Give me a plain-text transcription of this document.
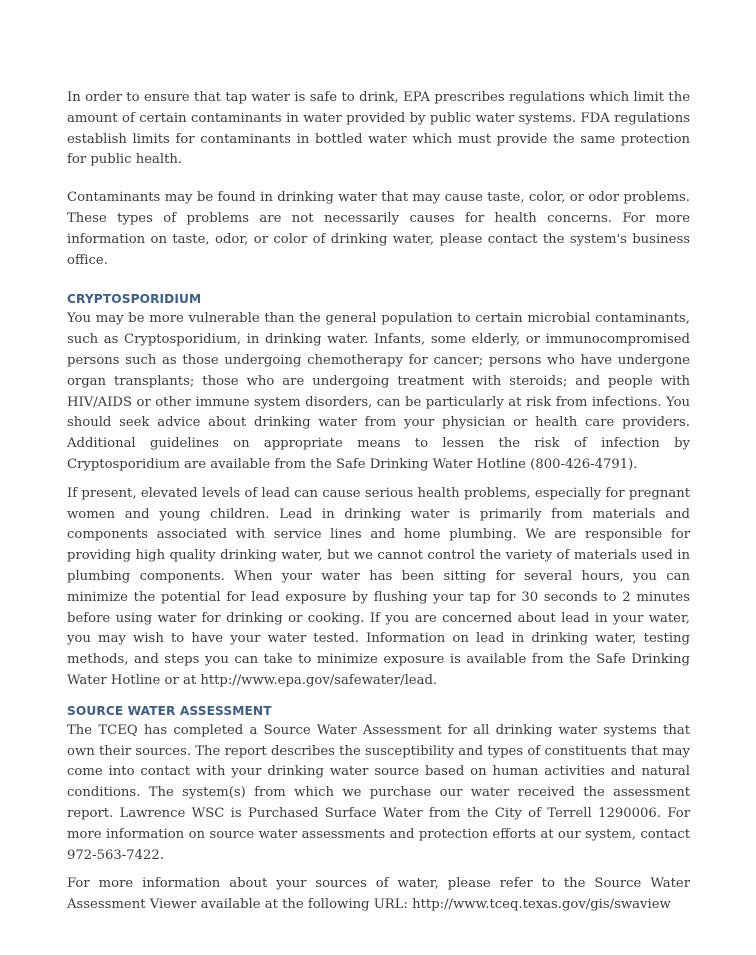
In order to ensure that tap water is safe to drink, EPA prescribes regulations which limit the amount of certain contaminants in water provided by public water systems. FDA regulations establish limits for contaminants in bottled water which must provide the same protection for public health.

Contaminants may be found in drinking water that may cause taste, color, or odor problems. These types of problems are not necessarily causes for health concerns. For more information on taste, odor, or color of drinking water, please contact the system's business office.

CRYPTOSPORIDIUM

You may be more vulnerable than the general population to certain microbial contaminants, such as Cryptosporidium, in drinking water. Infants, some elderly, or immunocompromised persons such as those undergoing chemotherapy for cancer; persons who have undergone organ transplants; those who are undergoing treatment with steroids; and people with HIV/AIDS or other immune system disorders, can be particularly at risk from infections. You should seek advice about drinking water from your physician or health care providers. Additional guidelines on appropriate means to lessen the risk of infection by Cryptosporidium are available from the Safe Drinking Water Hotline (800-426-4791).

If present, elevated levels of lead can cause serious health problems, especially for pregnant women and young children. Lead in drinking water is primarily from materials and components associated with service lines and home plumbing. We are responsible for providing high quality drinking water, but we cannot control the variety of materials used in plumbing components. When your water has been sitting for several hours, you can minimize the potential for lead exposure by flushing your tap for 30 seconds to 2 minutes before using water for drinking or cooking. If you are concerned about lead in your water, you may wish to have your water tested. Information on lead in drinking water, testing methods, and steps you can take to minimize exposure is available from the Safe Drinking Water Hotline or at http://www.epa.gov/safewater/lead.

SOURCE WATER ASSESSMENT

The TCEQ has completed a Source Water Assessment for all drinking water systems that own their sources. The report describes the susceptibility and types of constituents that may come into contact with your drinking water source based on human activities and natural conditions. The system(s) from which we purchase our water received the assessment report. Lawrence WSC is Purchased Surface Water from the City of Terrell 1290006. For more information on source water assessments and protection efforts at our system, contact 972-563-7422.

For more information about your sources of water, please refer to the Source Water Assessment Viewer available at the following URL: http://www.tceq.texas.gov/gis/swaview
